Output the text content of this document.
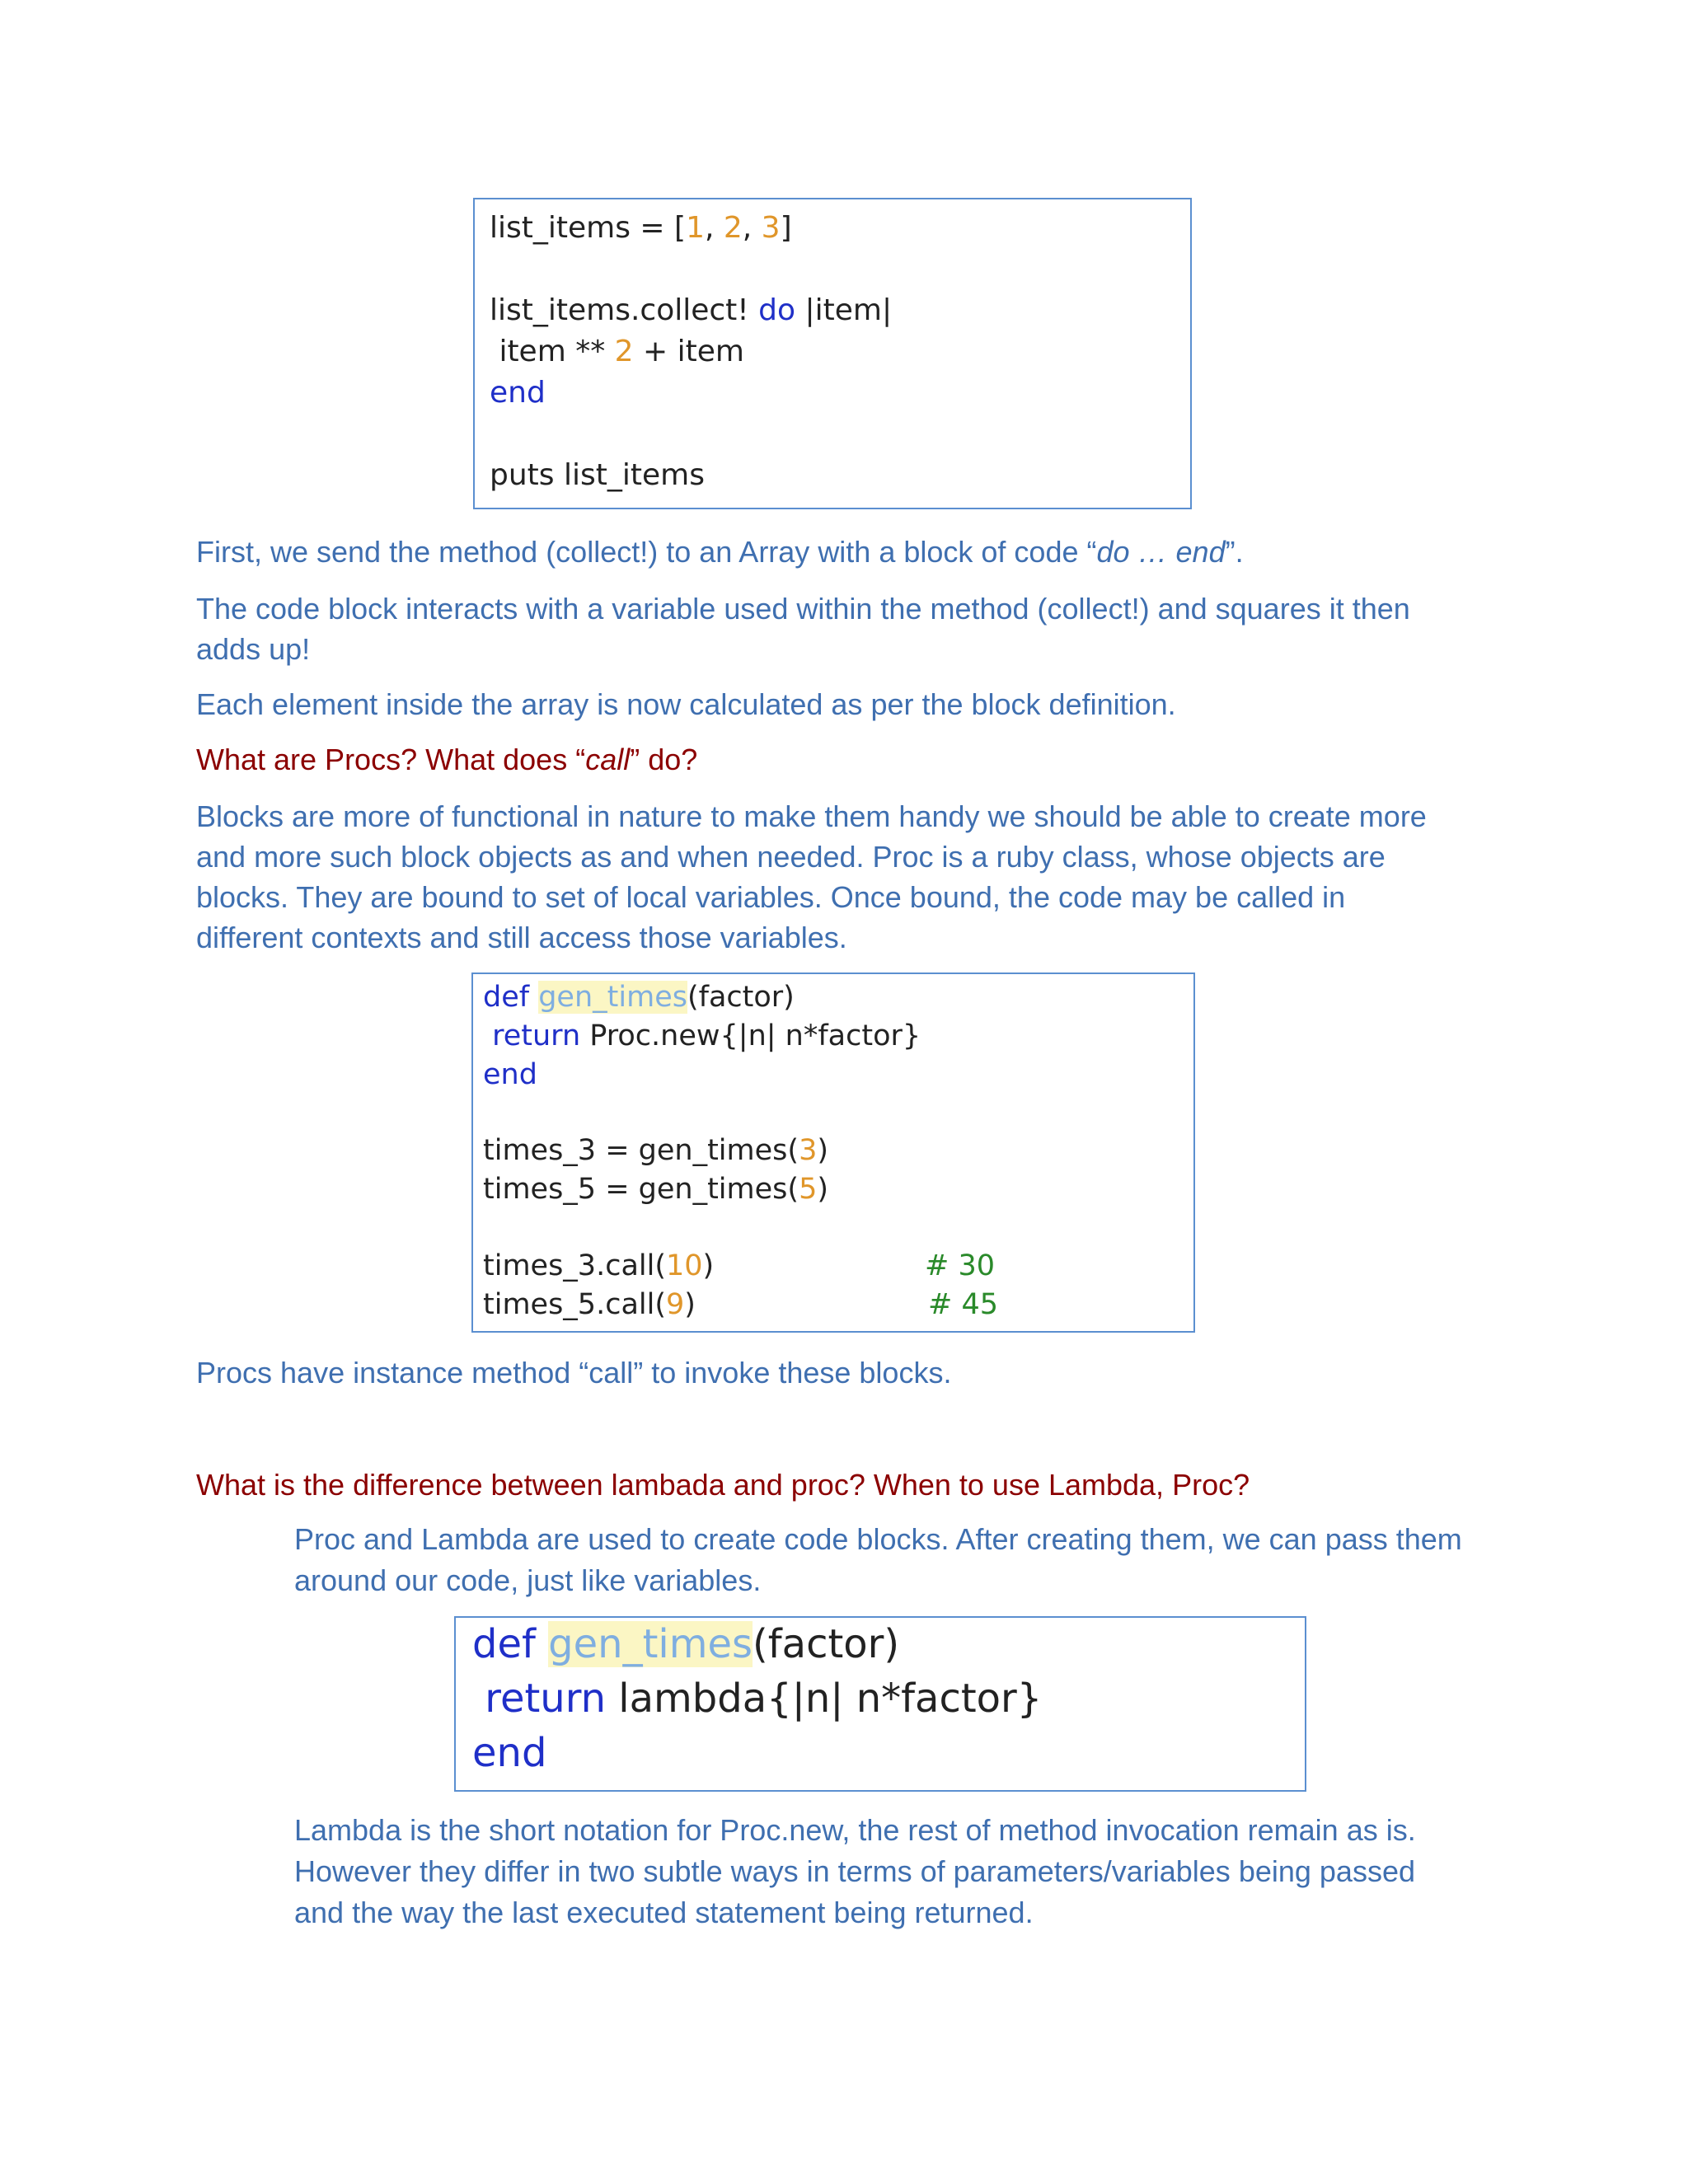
list_items = [1, 2, 3]
list_items.collect! do |item|
item ** 2 + item
end
puts list_items

First, we send the method (collect!) to an Array with a block of code “do … end”.

The code block interacts with a variable used within the method (collect!) and squares it then
adds up!

Each element inside the array is now calculated as per the block definition.

What are Procs? What does “call” do?

Blocks are more of functional in nature to make them handy we should be able to create more
and more such block objects as and when needed. Proc is a ruby class, whose objects are
blocks. They are bound to set of local variables. Once bound, the code may be called in
different contexts and still access those variables.

def gen_times(factor)
return Proc.new{|n| n*factor}
end
times_3 = gen_times(3)
times_5 = gen_times(5)
times_3.call(10)	# 30
times_5.call(9)	# 45

Procs have instance method “call” to invoke these blocks.

What is the difference between lambada and proc? When to use Lambda, Proc?

Proc and Lambda are used to create code blocks. After creating them, we can pass them
around our code, just like variables.

def gen_times(factor)
return lambda{|n| n*factor}
end

Lambda is the short notation for Proc.new, the rest of method invocation remain as is.
However they differ in two subtle ways in terms of parameters/variables being passed
and the way the last executed statement being returned.
